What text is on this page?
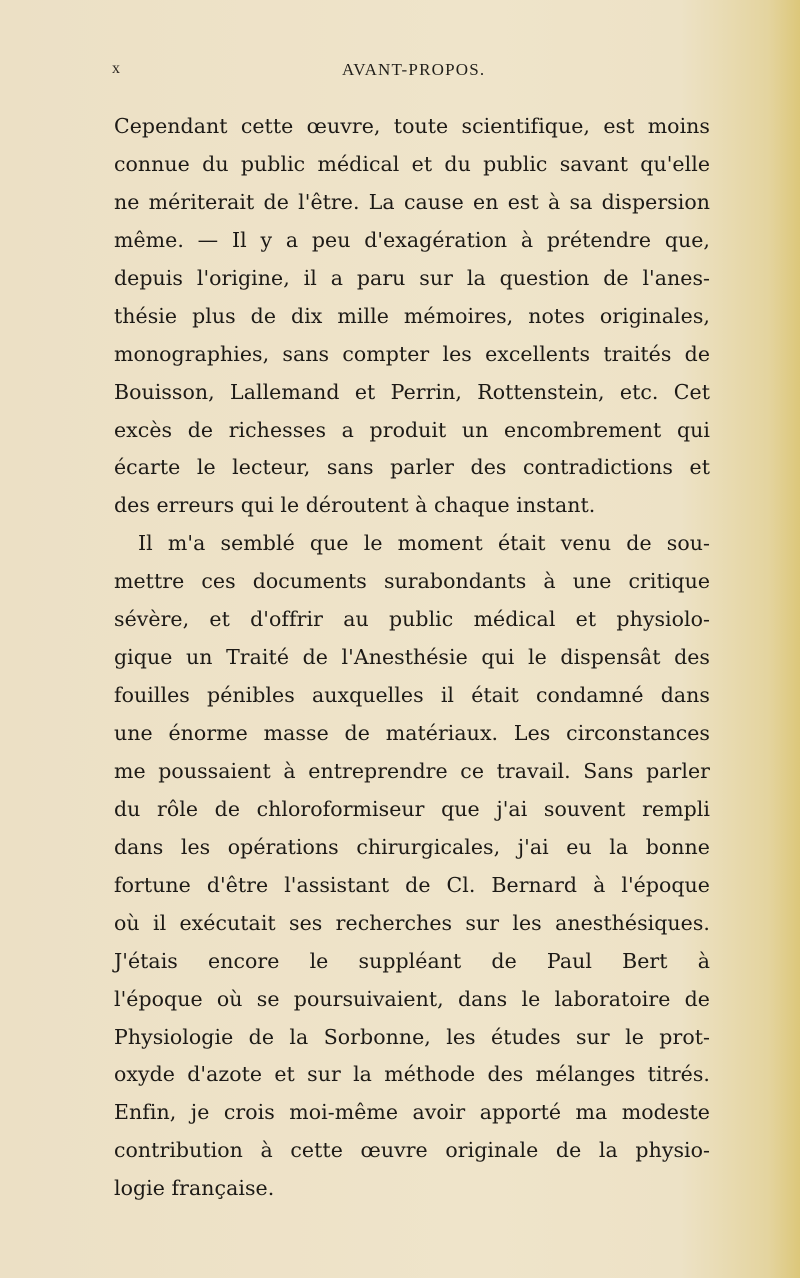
x	AVANT-PROPOS.
Cependant cette œuvre, toute scientifique, est moins
connue du public médical et du public savant qu'elle
ne mériterait de l'être. La cause en est à sa dispersion
même. — Il y a peu d'exagération à prétendre que,
depuis l'origine, il a paru sur la question de l'anes-
thésie plus de dix mille mémoires, notes originales,
monographies, sans compter les excellents traités de
Bouisson, Lallemand et Perrin, Rottenstein, etc. Cet
excès de richesses a produit un encombrement qui
écarte le lecteur, sans parler des contradictions et
des erreurs qui le déroutent à chaque instant.
Il m'a semblé que le moment était venu de sou-
mettre ces documents surabondants à une critique
sévère, et d'offrir au public médical et physiolo-
gique un Traité de l'Anesthésie qui le dispensât des
fouilles pénibles auxquelles il était condamné dans
une énorme masse de matériaux. Les circonstances
me poussaient à entreprendre ce travail. Sans parler
du rôle de chloroformiseur que j'ai souvent rempli
dans les opérations chirurgicales, j'ai eu la bonne
fortune d'être l'assistant de Cl. Bernard à l'époque
où il exécutait ses recherches sur les anesthésiques.
J'étais encore le suppléant de Paul Bert à
l'époque où se poursuivaient, dans le laboratoire de
Physiologie de la Sorbonne, les études sur le prot-
oxyde d'azote et sur la méthode des mélanges titrés.
Enfin, je crois moi-même avoir apporté ma modeste
contribution à cette œuvre originale de la physio-
logie française.
